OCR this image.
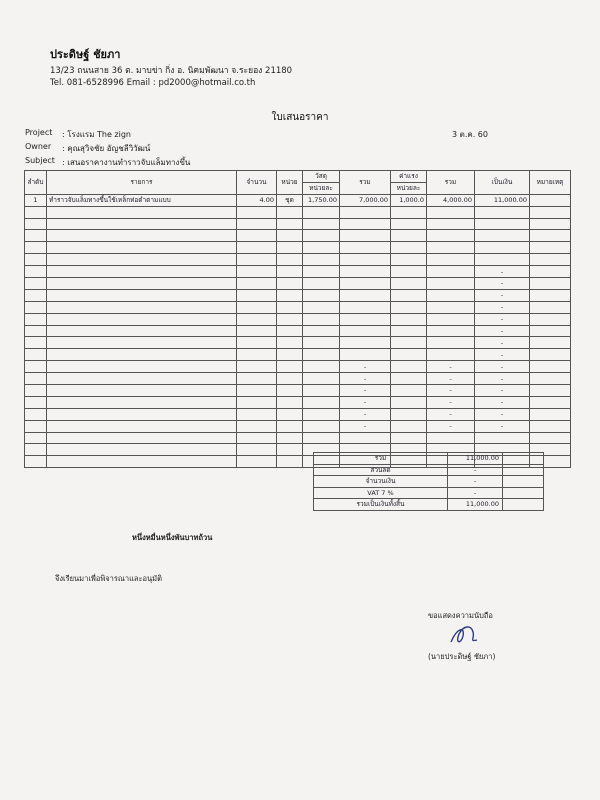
ประดิษฐ์ ชัยภา
13/23 ถนนสาย 36 ต. มาบข่า กิ่ง อ. นิคมพัฒนา จ.ระยอง 21180
Tel. 081-6528996 Email : pd2000@hotmail.co.th
ใบเสนอราคา
Project : โรงแรม The zign	3 ต.ค. 60
Owner : คุณสุวิจชัย อัญชลีวิวัฒน์
Subject : เสนอราคางานทำราวจับแล็มทางขึ้น
ลำดับ	รายการ	จำนวน	หน่วย	วัสดุ	รวม	ค่าแรง	รวม	เป็นเงิน	หมายเหตุ
				หน่วยละ		หน่วยละ			
1	ทำราวจับแล็มทางขึ้นใช้เหล็กท่อตำตามแบบ	4.00	ชุด	1,750.00	7,000.00	1,000.0	4,000.00	11,000.00	

								-	
								-	
								-	
								-	
								-	
								-	
								-	
								-	
					-		-	-	
					-		-	-	
					-		-	-	
					-		-	-	
					-		-	-	
					-		-	-	

รวม	11,000.00	
ส่วนลด	-	
จำนวนเงิน	-	
VAT 7 %	-	
รวมเป็นเงินทั้งสิ้น	11,000.00	
หนึ่งหมื่นหนึ่งพันบาทถ้วน
จึงเรียนมาเพื่อพิจารณาและอนุมัติ
ขอแสดงความนับถือ
(นายประดิษฐ์ ชัยภา)
